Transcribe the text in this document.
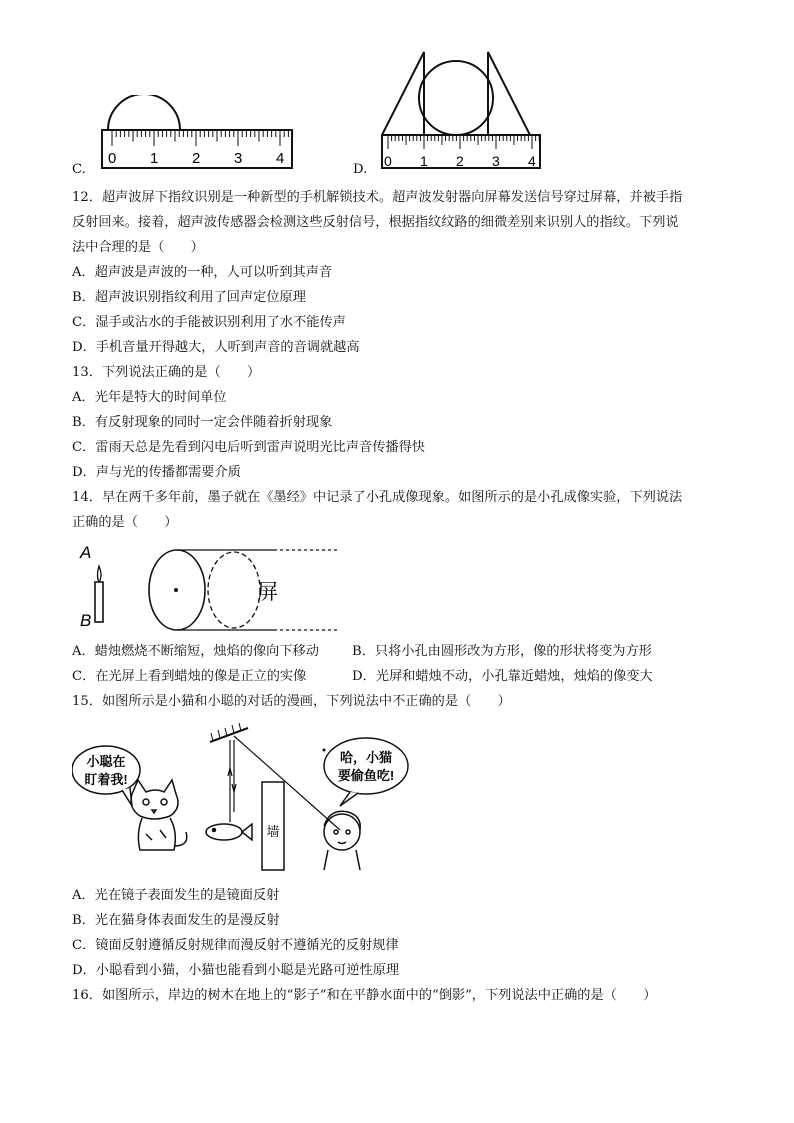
0 1 2 3 4
C.
0 1 2 3 4
D.
12．超声波屏下指纹识别是一种新型的手机解锁技术。超声波发射器向屏幕发送信号穿过屏幕，并被手指
反射回来。接着，超声波传感器会检测这些反射信号，根据指纹纹路的细微差别来识别人的指纹。下列说
法中合理的是（　　）
A．超声波是声波的一种，人可以听到其声音
B．超声波识别指纹利用了回声定位原理
C．湿手或沾水的手能被识别利用了水不能传声
D．手机音量开得越大，人听到声音的音调就越高
13．下列说法正确的是（　　）
A．光年是特大的时间单位
B．有反射现象的同时一定会伴随着折射现象
C．雷雨天总是先看到闪电后听到雷声说明光比声音传播得快
D．声与光的传播都需要介质
14．早在两千多年前，墨子就在《墨经》中记录了小孔成像现象。如图所示的是小孔成像实验，下列说法
正确的是（　　）
A
B
屏
A．蜡烛燃烧不断缩短，烛焰的像向下移动	B．只将小孔由圆形改为方形，像的形状将变为方形
C．在光屏上看到蜡烛的像是正立的实像	D．光屏和蜡烛不动，小孔靠近蜡烛，烛焰的像变大
15．如图所示是小猫和小聪的对话的漫画，下列说法中不正确的是（　　）
小聪在
盯着我!
墙
哈，小猫
要偷鱼吃!
A．光在镜子表面发生的是镜面反射
B．光在猫身体表面发生的是漫反射
C．镜面反射遵循反射规律而漫反射不遵循光的反射规律
D．小聪看到小猫，小猫也能看到小聪是光路可逆性原理
16．如图所示，岸边的树木在地上的“影子”和在平静水面中的“倒影”，下列说法中正确的是（　　）
